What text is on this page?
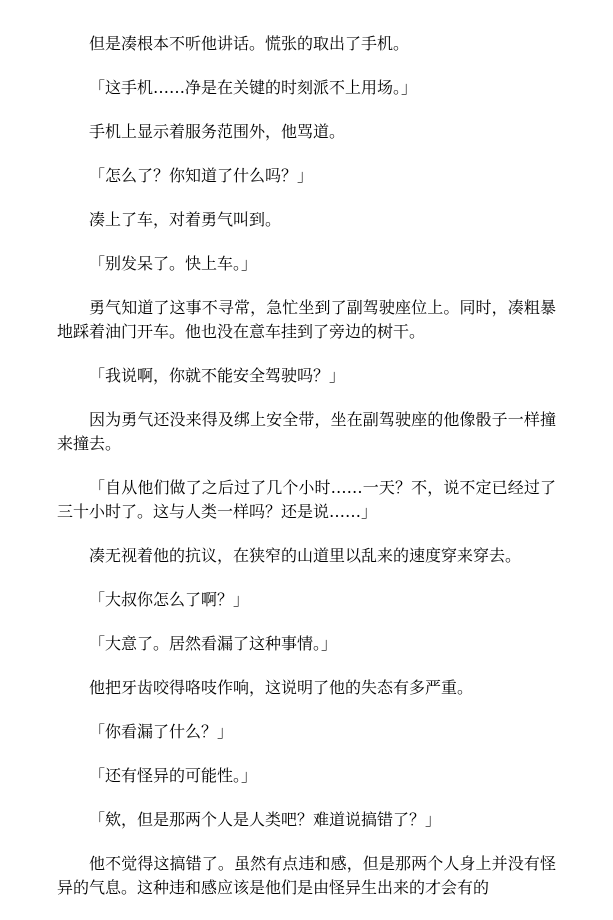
但是凑根本不听他讲话。慌张的取出了手机。

「这手机……净是在关键的时刻派不上用场。」

手机上显示着服务范围外，他骂道。

「怎么了？你知道了什么吗？」

凑上了车，对着勇气叫到。

「别发呆了。快上车。」

勇气知道了这事不寻常，急忙坐到了副驾驶座位上。同时，凑粗暴地踩着油门开车。他也没在意车挂到了旁边的树干。

「我说啊，你就不能安全驾驶吗？」

因为勇气还没来得及绑上安全带，坐在副驾驶座的他像骰子一样撞来撞去。

「自从他们做了之后过了几个小时……一天？不，说不定已经过了三十小时了。这与人类一样吗？还是说……」

凑无视着他的抗议，在狭窄的山道里以乱来的速度穿来穿去。

「大叔你怎么了啊？」

「大意了。居然看漏了这种事情。」

他把牙齿咬得咯吱作响，这说明了他的失态有多严重。

「你看漏了什么？」

「还有怪异的可能性。」

「欸，但是那两个人是人类吧？难道说搞错了？」

他不觉得这搞错了。虽然有点违和感，但是那两个人身上并没有怪异的气息。这种违和感应该是他们是由怪异生出来的才会有的
